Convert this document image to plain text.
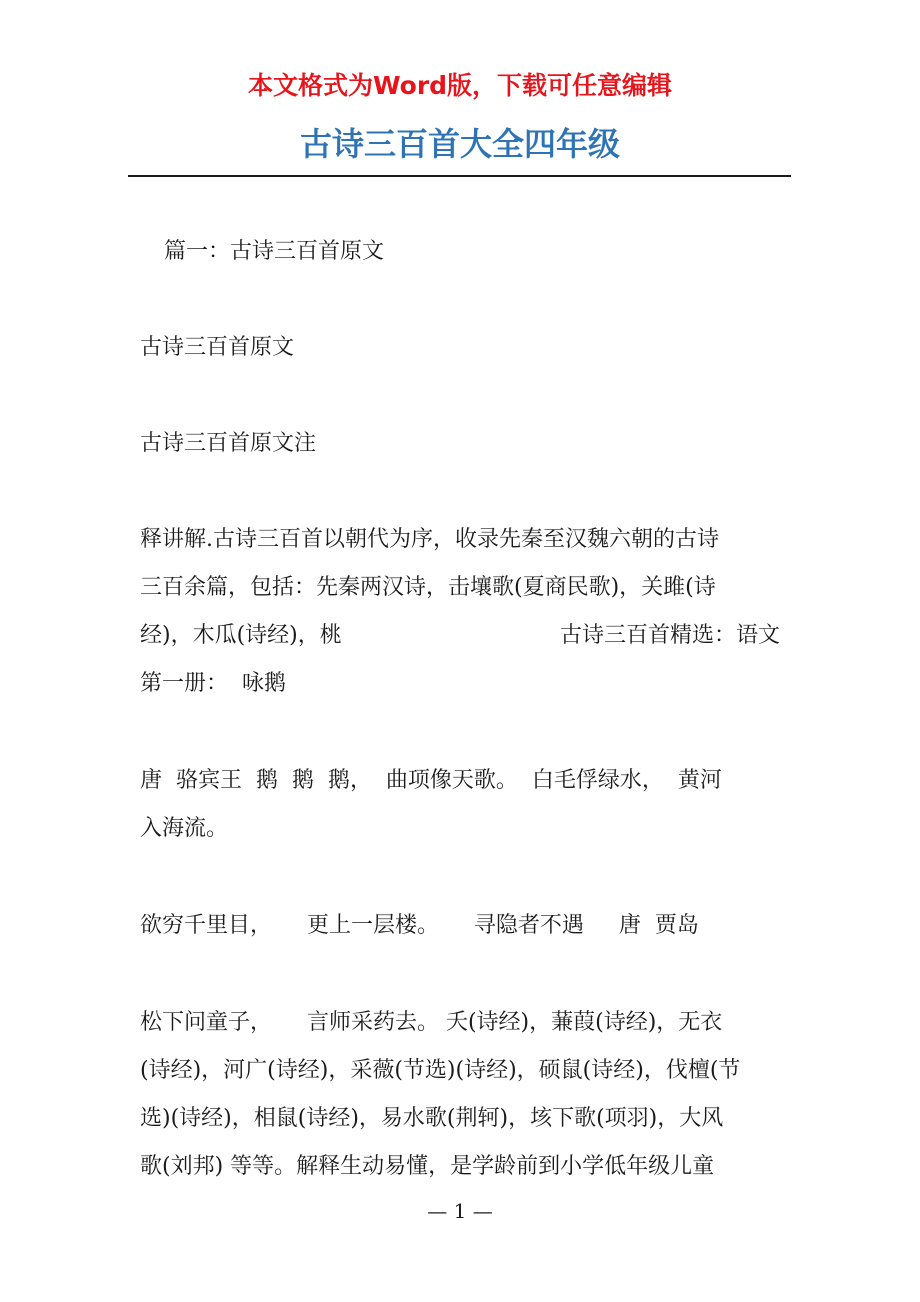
本文格式为Word版，下载可任意编辑
古诗三百首大全四年级
篇一：古诗三百首原文
古诗三百首原文
古诗三百首原文注
释讲解.古诗三百首以朝代为序，收录先秦至汉魏六朝的古诗
三百余篇，包括：先秦两汉诗，击壤歌(夏商民歌)，关雎(诗
经)，木瓜(诗经)，桃	古诗三百首精选：语文
第一册：  咏鹅
唐  骆宾王  鹅  鹅  鹅，  曲项像天歌。  白毛俘绿水，  黄河
入海流。
欲穷千里目，     更上一层楼。     寻隐者不遇     唐  贾岛
松下问童子，     言师采药去。 夭(诗经)，蒹葭(诗经)，无衣
(诗经)，河广(诗经)，采薇(节选)(诗经)，硕鼠(诗经)，伐檀(节
选)(诗经)，相鼠(诗经)，易水歌(荆轲)，垓下歌(项羽)，大风
歌(刘邦) 等等。解释生动易懂，是学龄前到小学低年级儿童
— 1 —
